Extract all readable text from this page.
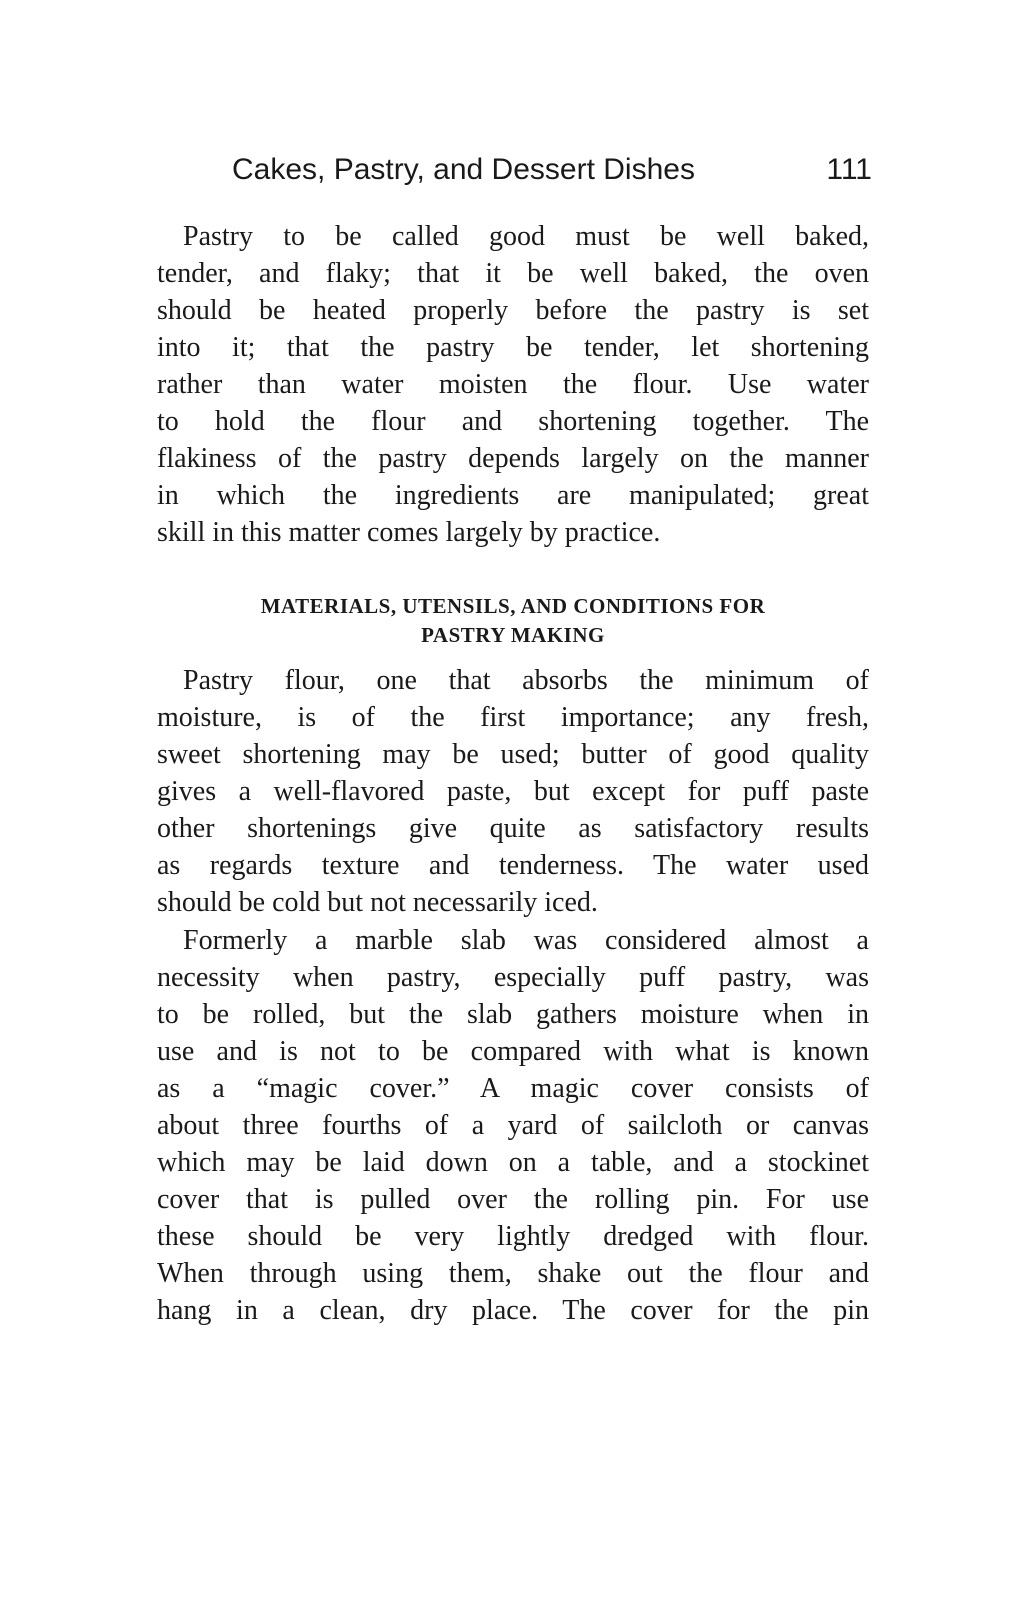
Cakes, Pastry, and Dessert Dishes	111
Pastry to be called good must be well baked,
tender, and flaky; that it be well baked, the oven
should be heated properly before the pastry is set
into it; that the pastry be tender, let shortening
rather than water moisten the flour. Use water
to hold the flour and shortening together. The
flakiness of the pastry depends largely on the manner
in which the ingredients are manipulated; great
skill in this matter comes largely by practice.
MATERIALS, UTENSILS, AND CONDITIONS FOR
PASTRY MAKING
Pastry flour, one that absorbs the minimum of
moisture, is of the first importance; any fresh,
sweet shortening may be used; butter of good quality
gives a well-flavored paste, but except for puff paste
other shortenings give quite as satisfactory results
as regards texture and tenderness. The water used
should be cold but not necessarily iced.
Formerly a marble slab was considered almost a
necessity when pastry, especially puff pastry, was
to be rolled, but the slab gathers moisture when in
use and is not to be compared with what is known
as a “magic cover.” A magic cover consists of
about three fourths of a yard of sailcloth or canvas
which may be laid down on a table, and a stockinet
cover that is pulled over the rolling pin. For use
these should be very lightly dredged with flour.
When through using them, shake out the flour and
hang in a clean, dry place. The cover for the pin
